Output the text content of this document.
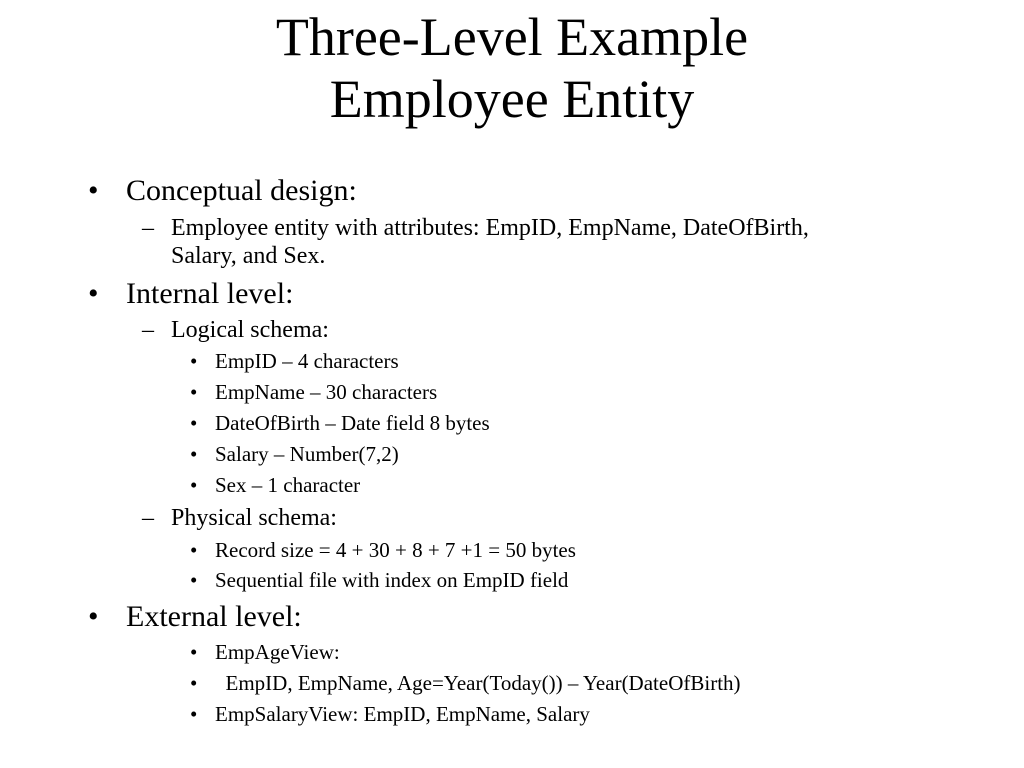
Three-Level Example
Employee Entity
• Conceptual design:
– Employee entity with attributes: EmpID, EmpName, DateOfBirth,
Salary, and Sex.
• Internal level:
– Logical schema:
• EmpID – 4 characters
• EmpName – 30 characters
• DateOfBirth – Date field 8 bytes
• Salary – Number(7,2)
• Sex – 1 character
– Physical schema:
• Record size = 4 + 30 + 8 + 7 +1 = 50 bytes
• Sequential file with index on EmpID field
• External level:
• EmpAgeView:
• EmpID, EmpName, Age=Year(Today()) – Year(DateOfBirth)
• EmpSalaryView: EmpID, EmpName, Salary
